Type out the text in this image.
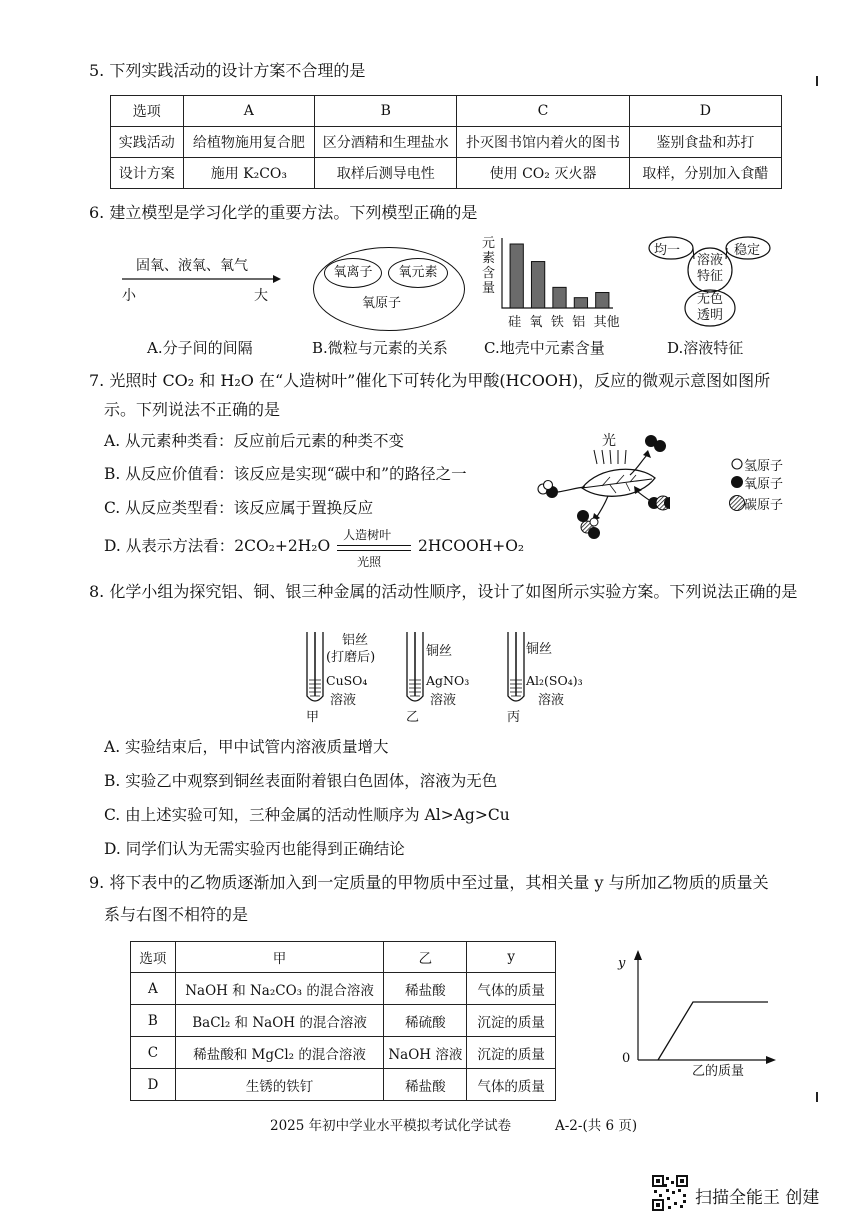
5. 下列实践活动的设计方案不合理的是
选项	A	B	C	D
实践活动	给植物施用复合肥	区分酒精和生理盐水	扑灭图书馆内着火的图书	鉴别食盐和苏打
设计方案	施用 K₂CO₃	取样后测导电性	使用 CO₂ 灭火器	取样，分别加入食醋
6. 建立模型是学习化学的重要方法。下列模型正确的是
固氧、液氧、氧气
小	大
A.分子间的间隔
氧离子	氧元素
氧原子
B.微粒与元素的关系
元
素
含
量
硅 氧 铁 铝 其他
C.地壳中元素含量
均一	稳定
溶液特征
无色透明
D.溶液特征
7. 光照时 CO₂ 和 H₂O 在“人造树叶”催化下可转化为甲酸(HCOOH)，反应的微观示意图如图所
示。下列说法不正确的是
A. 从元素种类看：反应前后元素的种类不变
B. 从反应价值看：该反应是实现“碳中和”的路径之一
C. 从反应类型看：该反应属于置换反应
D. 从表示方法看：2CO₂+2H₂O
人造树叶
光照
2HCOOH+O₂
光
氢原子
氧原子
碳原子
8. 化学小组为探究铝、铜、银三种金属的活动性顺序，设计了如图所示实验方案。下列说法正确的是
铝丝
(打磨后)
CuSO₄
溶液
甲
铜丝
AgNO₃
溶液
乙
铜丝
Al₂(SO₄)₃
溶液
丙
A. 实验结束后，甲中试管内溶液质量增大
B. 实验乙中观察到铜丝表面附着银白色固体，溶液为无色
C. 由上述实验可知，三种金属的活动性顺序为 Al>Ag>Cu
D. 同学们认为无需实验丙也能得到正确结论
9. 将下表中的乙物质逐渐加入到一定质量的甲物质中至过量，其相关量 y 与所加乙物质的质量关
系与右图不相符的是
选项	甲	乙	y
A	NaOH 和 Na₂CO₃ 的混合溶液	稀盐酸	气体的质量
B	BaCl₂ 和 NaOH 的混合溶液	稀硫酸	沉淀的质量
C	稀盐酸和 MgCl₂ 的混合溶液	NaOH 溶液	沉淀的质量
D	生锈的铁钉	稀盐酸	气体的质量
y
0
乙的质量
2025 年初中学业水平模拟考试化学试卷	A-2-(共 6 页)
扫描全能王 创建
